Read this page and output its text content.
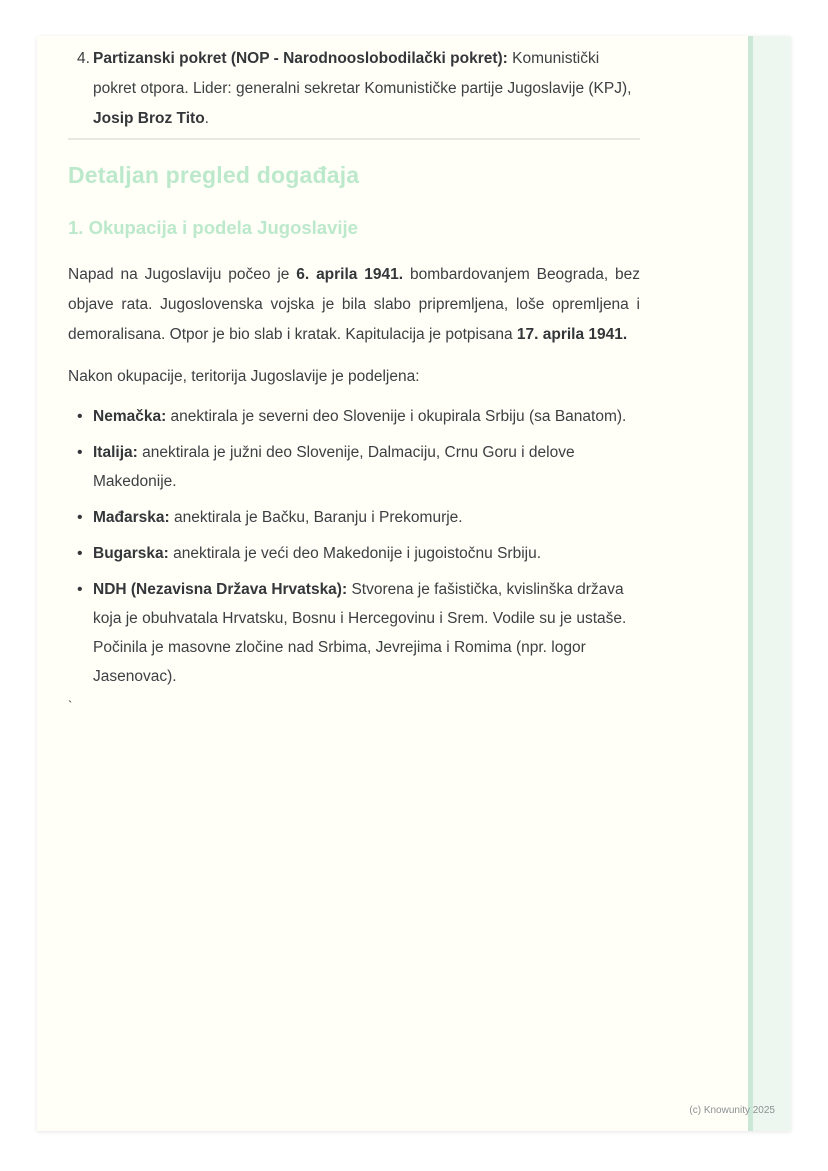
4. Partizanski pokret (NOP - Narodnooslobodilački pokret): Komunistički pokret otpora. Lider: generalni sekretar Komunističke partije Jugoslavije (KPJ), Josip Broz Tito.

Detaljan pregled događaja
1. Okupacija i podela Jugoslavije

Napad na Jugoslaviju počeo je 6. aprila 1941. bombardovanjem Beograda, bez objave rata. Jugoslovenska vojska je bila slabo pripremljena, loše opremljena i demoralisana. Otpor je bio slab i kratak. Kapitulacija je potpisana 17. aprila 1941.

Nakon okupacije, teritorija Jugoslavije je podeljena:

• Nemačka: anektirala je severni deo Slovenije i okupirala Srbiju (sa Banatom).
• Italija: anektirala je južni deo Slovenije, Dalmaciju, Crnu Goru i delove Makedonije.
• Mađarska: anektirala je Bačku, Baranju i Prekomurje.
• Bugarska: anektirala je veći deo Makedonije i jugoistočnu Srbiju.
• NDH (Nezavisna Država Hrvatska): Stvorena je fašistička, kvislinška država koja je obuhvatala Hrvatsku, Bosnu i Hercegovinu i Srem. Vodile su je ustaše. Počinila je masovne zločine nad Srbima, Jevrejima i Romima (npr. logor Jasenovac).

`

(c) Knowunity 2025
